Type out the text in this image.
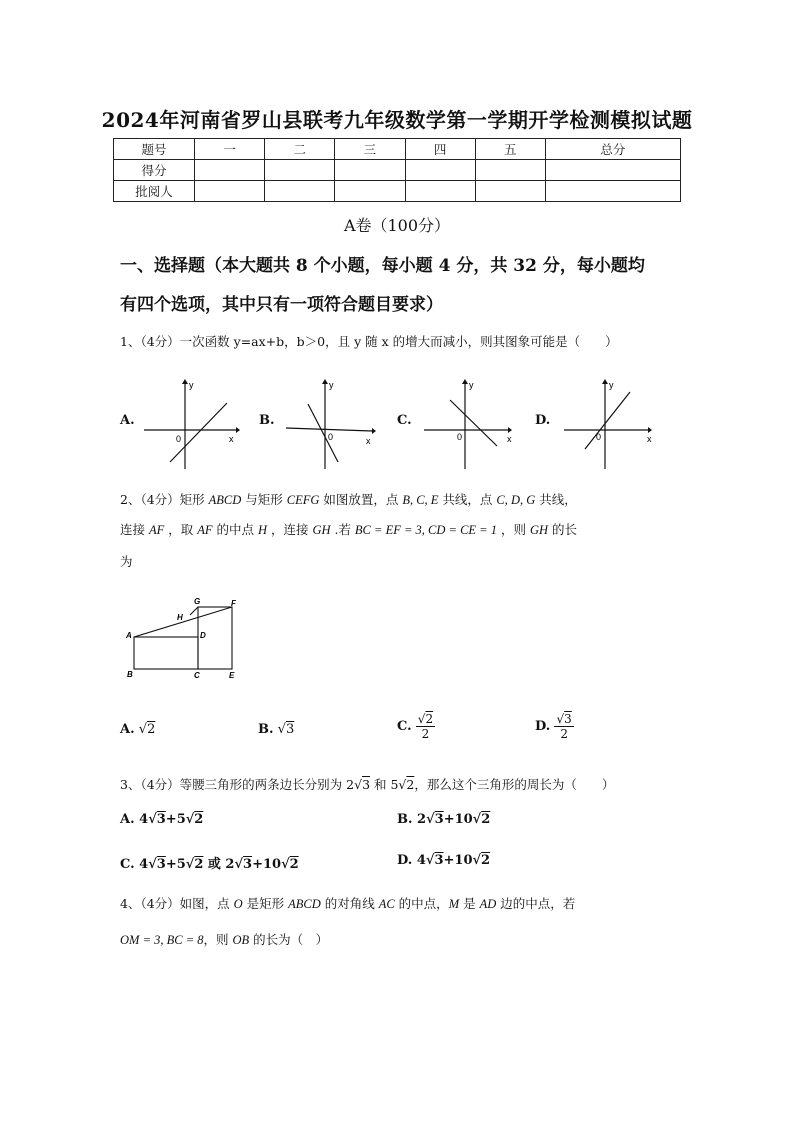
2024年河南省罗山县联考九年级数学第一学期开学检测模拟试题
题号	一	二	三	四	五	总分
得分						
批阅人						
A卷（100分）
一、选择题（本大题共 8 个小题，每小题 4 分，共 32 分，每小题均
有四个选项，其中只有一项符合题目要求）
1、（4分）一次函数 y=ax+b，b＞0，且 y 随 x 的增大而减小，则其图象可能是（　　）
A.
y
x
0
B.
y
x
0
C.
y
x
0
D.
y
x
0
2、（4分）矩形 ABCD 与矩形 CEFG 如图放置，点 B, C, E 共线，点 C, D, G 共线，
连接 AF ，取 AF 的中点 H ，连接 GH .若 BC = EF = 3, CD = CE = 1 ，则 GH 的长
为
G	F
H
A	D
B	C	E
A. √2	B. √3	C. $\frac{√2}{2}$	D. $\frac{√3}{2}$
3、（4分）等腰三角形的两条边长分别为 2√3 和 5√2，那么这个三角形的周长为（　　）
A. 4√3+5√2	B. 2√3+10√2
C. 4√3+5√2 或 2√3+10√2	D. 4√3+10√2
4、（4分）如图，点 O 是矩形 ABCD 的对角线 AC 的中点，M 是 AD 边的中点，若
OM = 3, BC = 8，则 OB 的长为（　）
